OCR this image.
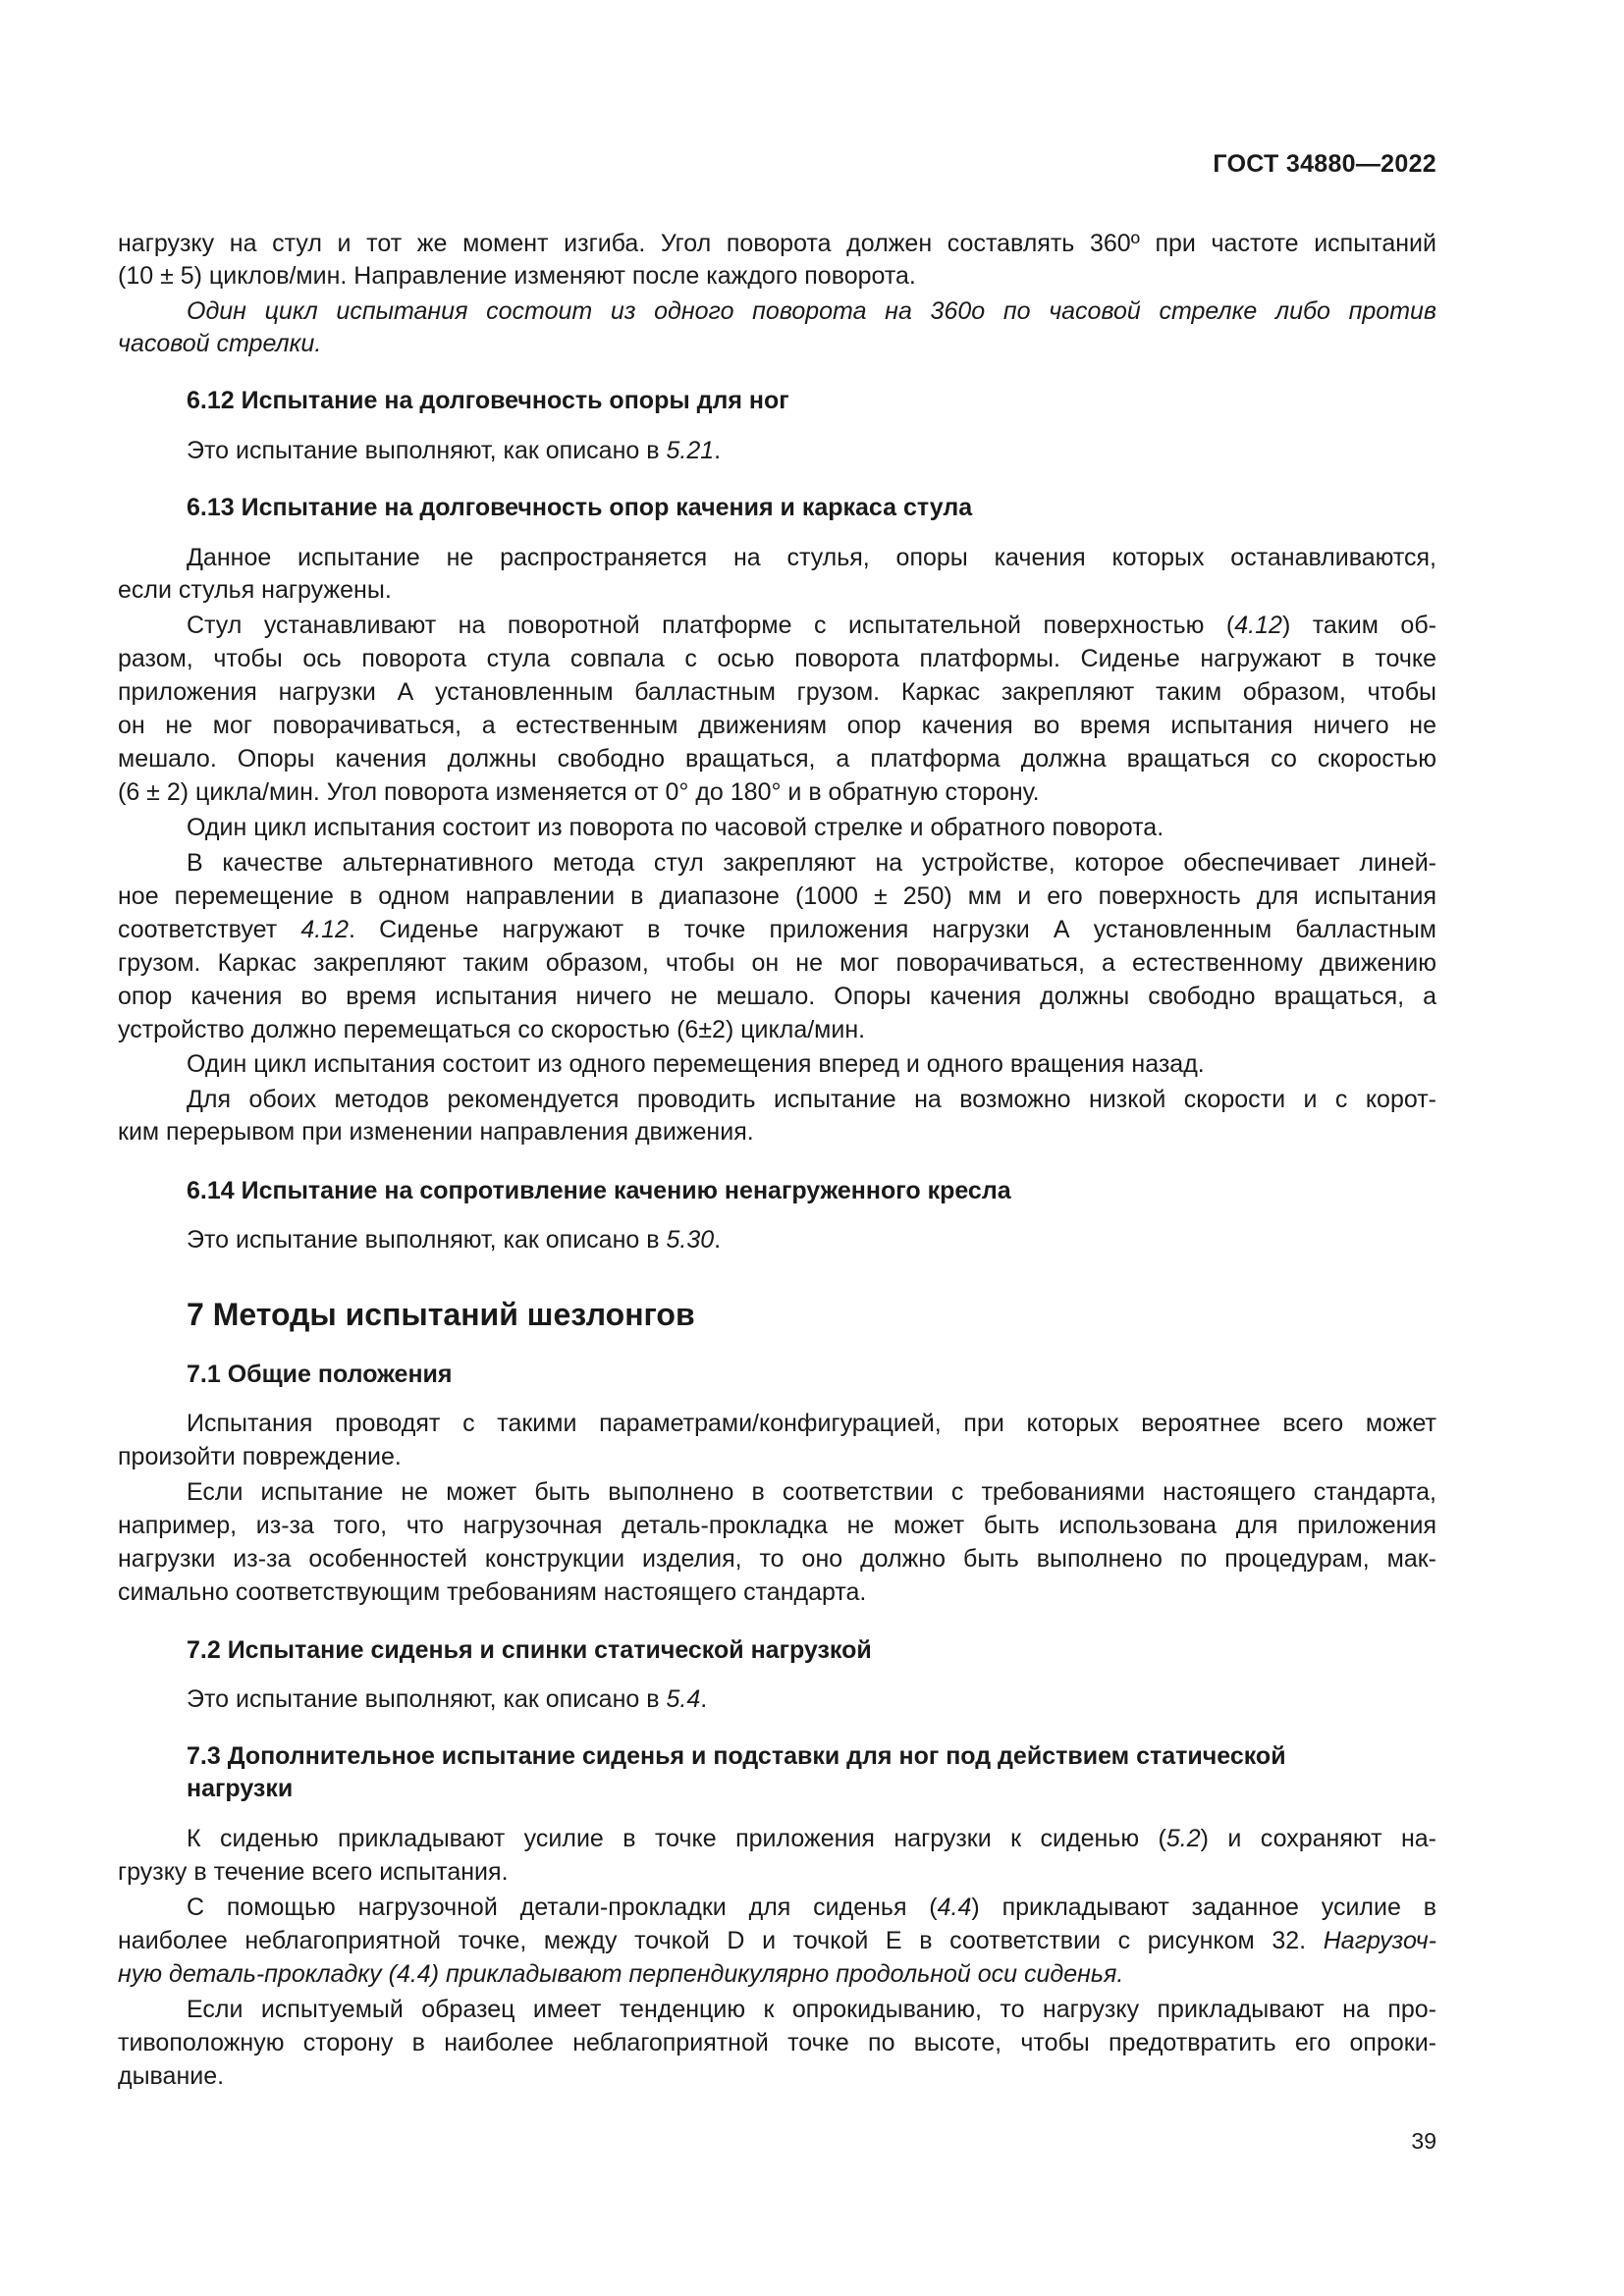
ГОСТ 34880—2022

нагрузку на стул и тот же момент изгиба. Угол поворота должен составлять 360º при частоте испытаний

(10 ± 5) циклов/мин. Направление изменяют после каждого поворота.

Один цикл испытания состоит из одного поворота на 360о по часовой стрелке либо против

часовой стрелки.

6.12 Испытание на долговечность опоры для ног

Это испытание выполняют, как описано в 5.21.

6.13 Испытание на долговечность опор качения и каркаса стула

Данное испытание не распространяется на стулья, опоры качения которых останавливаются,

если стулья нагружены.

Стул устанавливают на поворотной платформе с испытательной поверхностью (4.12) таким об-

разом, чтобы ось поворота стула совпала с осью поворота платформы. Сиденье нагружают в точке

приложения нагрузки А установленным балластным грузом. Каркас закрепляют таким образом, чтобы

он не мог поворачиваться, а естественным движениям опор качения во время испытания ничего не

мешало. Опоры качения должны свободно вращаться, а платформа должна вращаться со скоростью

(6 ± 2) цикла/мин. Угол поворота изменяется от 0° до 180° и в обратную сторону.

Один цикл испытания состоит из поворота по часовой стрелке и обратного поворота.

В качестве альтернативного метода стул закрепляют на устройстве, которое обеспечивает линей-

ное перемещение в одном направлении в диапазоне (1000 ± 250) мм и его поверхность для испытания

соответствует 4.12. Сиденье нагружают в точке приложения нагрузки А установленным балластным

грузом. Каркас закрепляют таким образом, чтобы он не мог поворачиваться, а естественному движению

опор качения во время испытания ничего не мешало. Опоры качения должны свободно вращаться, а

устройство должно перемещаться со скоростью (6±2) цикла/мин.

Один цикл испытания состоит из одного перемещения вперед и одного вращения назад.

Для обоих методов рекомендуется проводить испытание на возможно низкой скорости и с корот-

ким перерывом при изменении направления движения.

6.14 Испытание на сопротивление качению ненагруженного кресла

Это испытание выполняют, как описано в 5.30.

7 Методы испытаний шезлонгов

7.1 Общие положения

Испытания проводят с такими параметрами/конфигурацией, при которых вероятнее всего может

произойти повреждение.

Если испытание не может быть выполнено в соответствии с требованиями настоящего стандарта,

например, из-за того, что нагрузочная деталь-прокладка не может быть использована для приложения

нагрузки из-за особенностей конструкции изделия, то оно должно быть выполнено по процедурам, мак-

симально соответствующим требованиям настоящего стандарта.

7.2 Испытание сиденья и спинки статической нагрузкой

Это испытание выполняют, как описано в 5.4.

7.3 Дополнительное испытание сиденья и подставки для ног под действием статической

нагрузки

К сиденью прикладывают усилие в точке приложения нагрузки к сиденью (5.2) и сохраняют на-

грузку в течение всего испытания.

С помощью нагрузочной детали-прокладки для сиденья (4.4) прикладывают заданное усилие в

наиболее неблагоприятной точке, между точкой D и точкой E в соответствии с рисунком 32. Нагрузоч-

ную деталь-прокладку (4.4) прикладывают перпендикулярно продольной оси сиденья.

Если испытуемый образец имеет тенденцию к опрокидыванию, то нагрузку прикладывают на про-

тивоположную сторону в наиболее неблагоприятной точке по высоте, чтобы предотвратить его опроки-

дывание.

39
